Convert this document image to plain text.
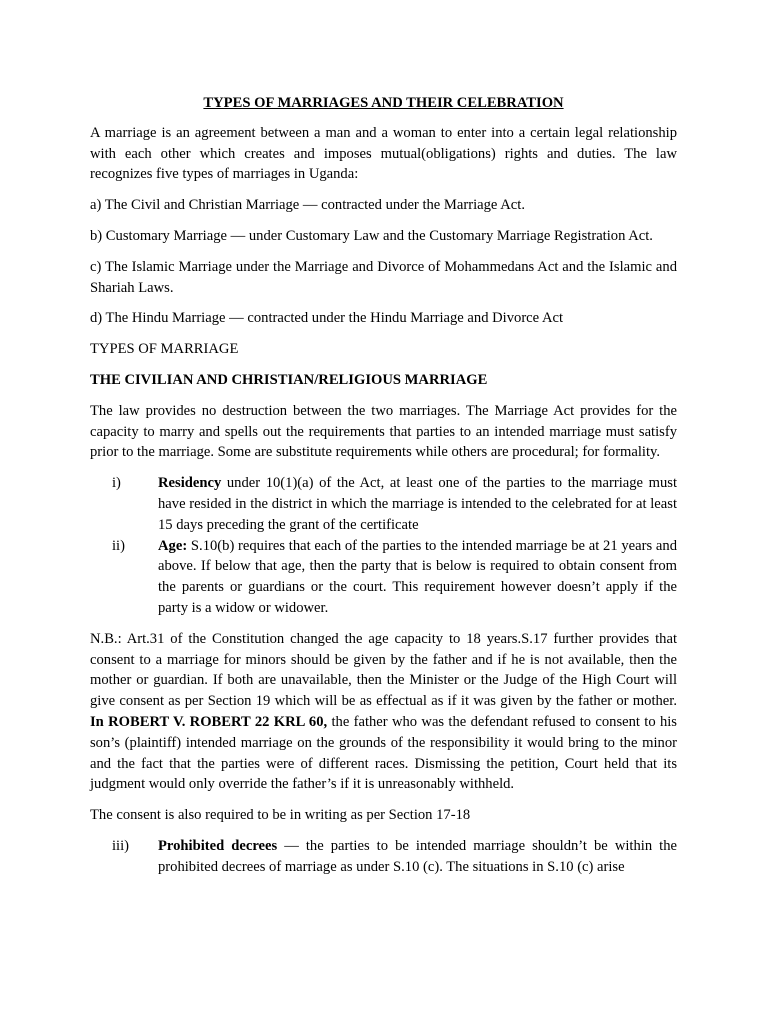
TYPES OF MARRIAGES AND THEIR CELEBRATION

A marriage is an agreement between a man and a woman to enter into a certain legal relationship with each other which creates and imposes mutual(obligations) rights and duties. The law recognizes five types of marriages in Uganda:

a) The Civil and Christian Marriage — contracted under the Marriage Act.

b) Customary Marriage — under Customary Law and the Customary Marriage Registration Act.

c) The Islamic Marriage under the Marriage and Divorce of Mohammedans Act and the Islamic and Shariah Laws.

d) The Hindu Marriage — contracted under the Hindu Marriage and Divorce Act

TYPES OF MARRIAGE

THE CIVILIAN AND CHRISTIAN/RELIGIOUS MARRIAGE

The law provides no destruction between the two marriages. The Marriage Act provides for the capacity to marry and spells out the requirements that parties to an intended marriage must satisfy prior to the marriage. Some are substitute requirements while others are procedural; for formality.

i)	Residency under 10(1)(a) of the Act, at least one of the parties to the marriage must have resided in the district in which the marriage is intended to the celebrated for at least 15 days preceding the grant of the certificate
ii)	Age: S.10(b) requires that each of the parties to the intended marriage be at 21 years and above. If below that age, then the party that is below is required to obtain consent from the parents or guardians or the court. This requirement however doesn’t apply if the party is a widow or widower.

N.B.: Art.31 of the Constitution changed the age capacity to 18 years.S.17 further provides that consent to a marriage for minors should be given by the father and if he is not available, then the mother or guardian. If both are unavailable, then the Minister or the Judge of the High Court will give consent as per Section 19 which will be as effectual as if it was given by the father or mother. In ROBERT V. ROBERT 22 KRL 60, the father who was the defendant refused to consent to his son’s (plaintiff) intended marriage on the grounds of the responsibility it would bring to the minor and the fact that the parties were of different races. Dismissing the petition, Court held that its judgment would only override the father’s if it is unreasonably withheld.

The consent is also required to be in writing as per Section 17-18

iii)	Prohibited decrees — the parties to be intended marriage shouldn’t be within the prohibited decrees of marriage as under S.10 (c). The situations in S.10 (c) arise
